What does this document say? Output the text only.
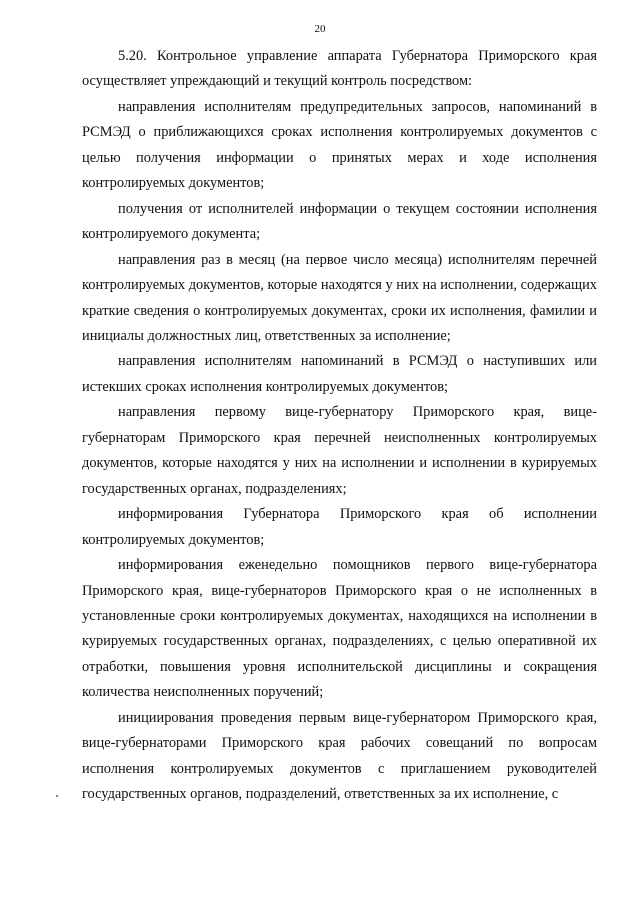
20

5.20. Контрольное управление аппарата Губернатора Приморского края осуществляет упреждающий и текущий контроль посредством:

направления исполнителям предупредительных запросов, напоминаний в РСМЭД о приближающихся сроках исполнения контролируемых документов с целью получения информации о принятых мерах и ходе исполнения контролируемых документов;

получения от исполнителей информации о текущем состоянии исполнения контролируемого документа;

направления раз в месяц (на первое число месяца) исполнителям перечней контролируемых документов, которые находятся у них на исполнении, содержащих краткие сведения о контролируемых документах, сроки их исполнения, фамилии и инициалы должностных лиц, ответственных за исполнение;

направления исполнителям напоминаний в РСМЭД о наступивших или истекших сроках исполнения контролируемых документов;

направления первому вице-губернатору Приморского края, вице-губернаторам Приморского края перечней неисполненных контролируемых документов, которые находятся у них на исполнении и исполнении в курируемых государственных органах, подразделениях;

информирования Губернатора Приморского края об исполнении контролируемых документов;

информирования еженедельно помощников первого вице-губернатора Приморского края, вице-губернаторов Приморского края о не исполненных в установленные сроки контролируемых документах, находящихся на исполнении в курируемых государственных органах, подразделениях, с целью оперативной их отработки, повышения уровня исполнительской дисциплины и сокращения количества неисполненных поручений;

инициирования проведения первым вице-губернатором Приморского края, вице-губернаторами Приморского края рабочих совещаний по вопросам исполнения контролируемых документов с приглашением руководителей государственных органов, подразделений, ответственных за их исполнение, с
